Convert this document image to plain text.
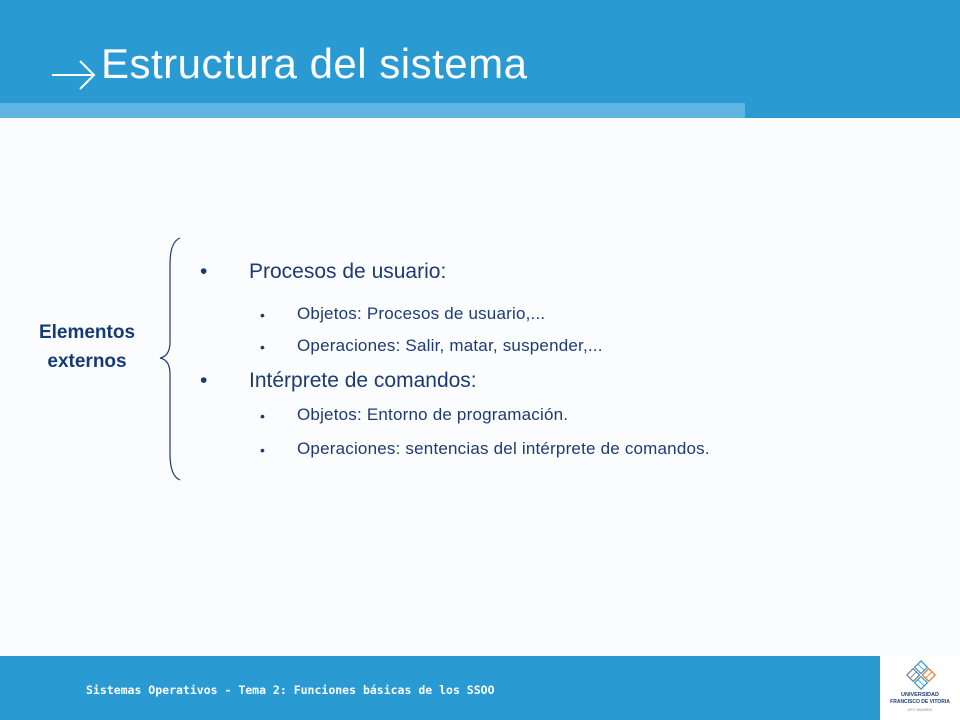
Estructura del sistema
Elementos
externos
• Procesos de usuario:
• Objetos: Procesos de usuario,...
• Operaciones: Salir, matar, suspender,...
• Intérprete de comandos:
• Objetos: Entorno de programación.
• Operaciones: sentencias del intérprete de comandos.
Sistemas Operativos - Tema 2: Funciones básicas de los SSOO	UNIVERSIDAD
FRANCISCO DE VITORIA
UFV MADRID
